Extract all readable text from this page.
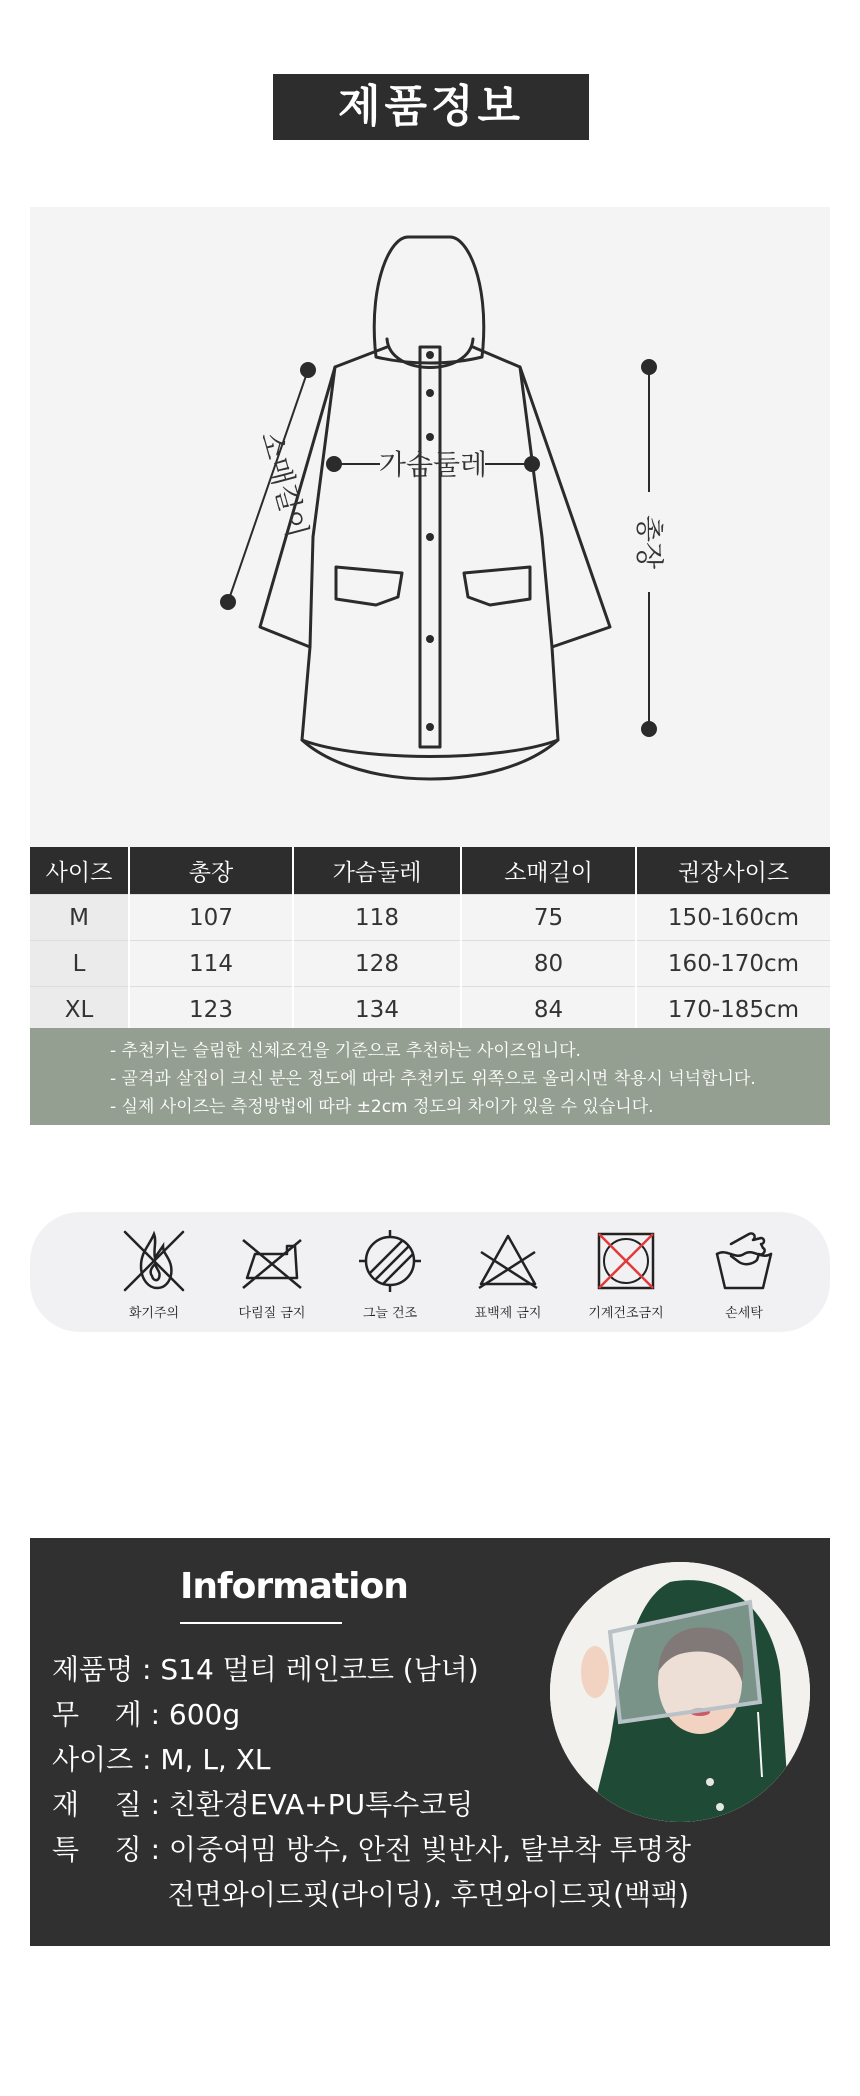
제품정보
가슴둘레
소매길이
총장
사이즈	총장	가슴둘레	소매길이	권장사이즈
M	107	118	75	150-160cm
L	114	128	80	160-170cm
XL	123	134	84	170-185cm
- 추천키는 슬림한 신체조건을 기준으로 추천하는 사이즈입니다.
- 골격과 살집이 크신 분은 정도에 따라 추천키도 위쪽으로 올리시면 착용시 넉넉합니다.
- 실제 사이즈는 측정방법에 따라 ±2cm 정도의 차이가 있을 수 있습니다.
화기주의	다림질 금지	그늘 건조	표백제 금지	기계건조금지	손세탁
Information
제품명 : S14 멀티 레인코트 (남녀)
무    게 : 600g
사이즈 : M, L, XL
재    질 : 친환경EVA+PU특수코팅
특    징 : 이중여밈 방수, 안전 빛반사, 탈부착 투명창
전면와이드핏(라이딩), 후면와이드핏(백팩)
